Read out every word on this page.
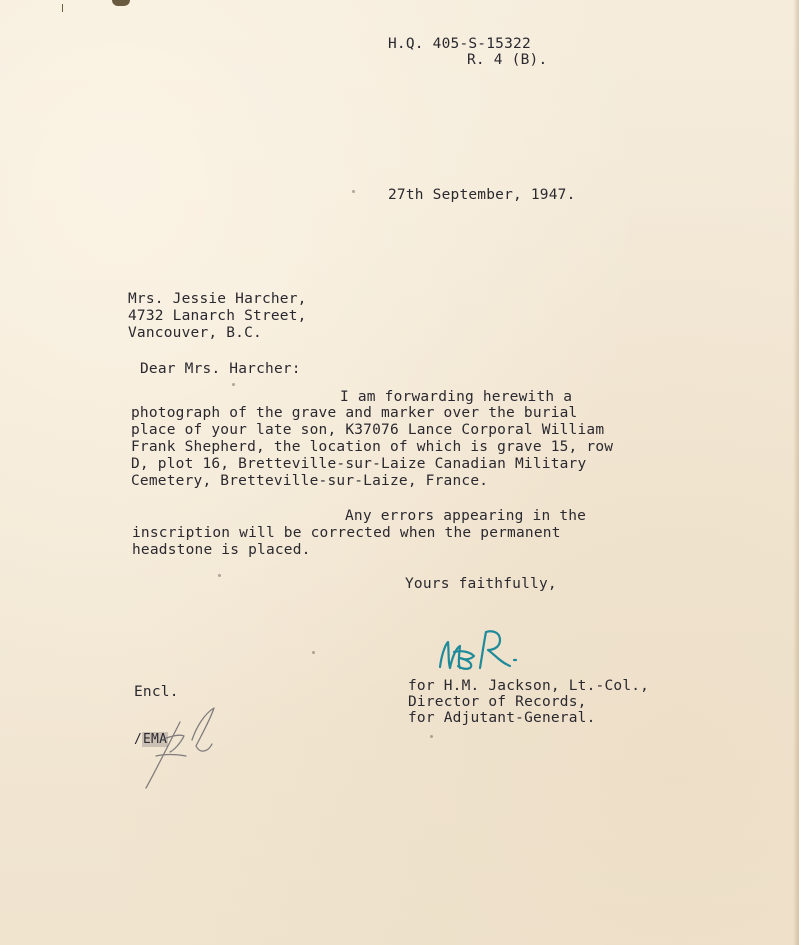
H.Q. 405-S-15322
R. 4 (B).
27th September, 1947.
Mrs. Jessie Harcher,
4732 Lanarch Street,
Vancouver, B.C.
Dear Mrs. Harcher:
I am forwarding herewith a
photograph of the grave and marker over the burial
place of your late son, K37076 Lance Corporal William
Frank Shepherd, the location of which is grave 15, row
D, plot 16, Bretteville-sur-Laize Canadian Military
Cemetery, Bretteville-sur-Laize, France.
Any errors appearing in the
inscription will be corrected when the permanent
headstone is placed.
Yours faithfully,
for H.M. Jackson, Lt.-Col.,
Director of Records,
for Adjutant-General.
Encl.
/EMA
